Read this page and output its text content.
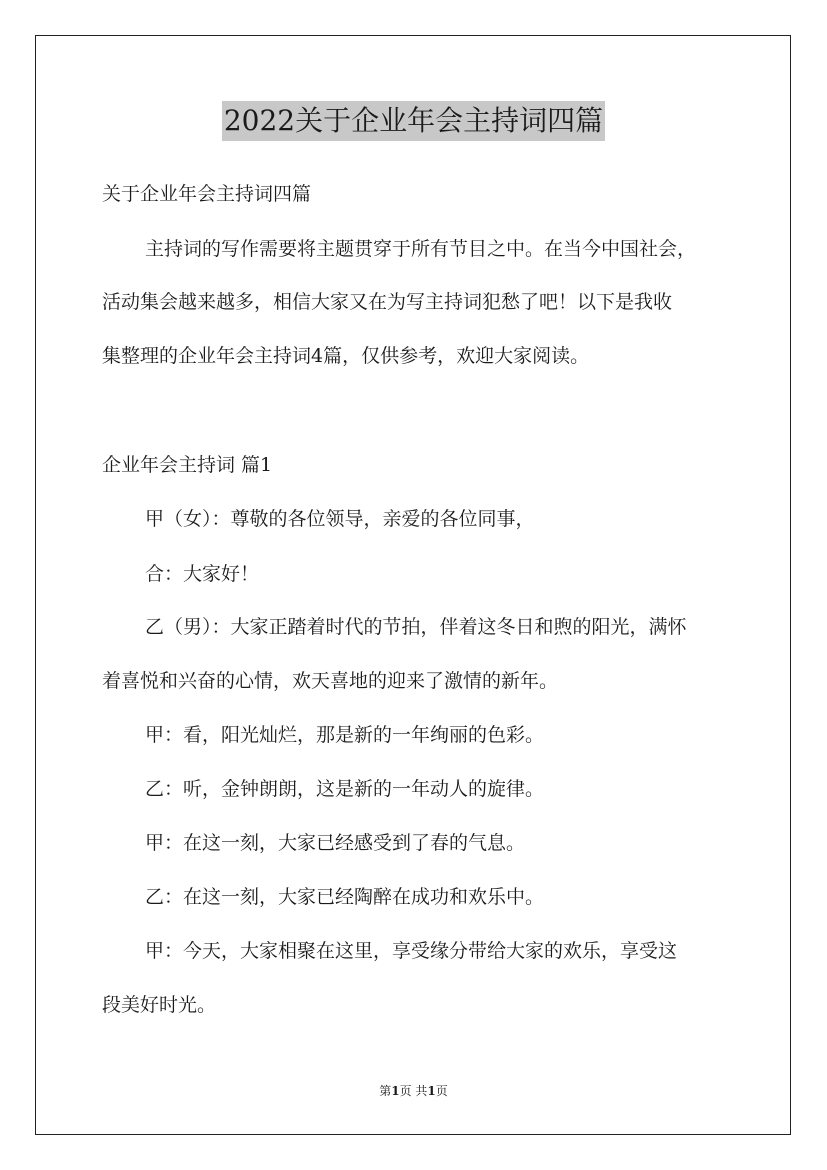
2022关于企业年会主持词四篇
关于企业年会主持词四篇
主持词的写作需要将主题贯穿于所有节目之中。在当今中国社会，
活动集会越来越多，相信大家又在为写主持词犯愁了吧！以下是我收
集整理的企业年会主持词4篇，仅供参考，欢迎大家阅读。
企业年会主持词 篇1
甲（女）：尊敬的各位领导，亲爱的各位同事，
合：大家好！
乙（男）：大家正踏着时代的节拍，伴着这冬日和煦的阳光，满怀
着喜悦和兴奋的心情，欢天喜地的迎来了激情的新年。
甲：看，阳光灿烂，那是新的一年绚丽的色彩。
乙：听，金钟朗朗，这是新的一年动人的旋律。
甲：在这一刻，大家已经感受到了春的气息。
乙：在这一刻，大家已经陶醉在成功和欢乐中。
甲：今天，大家相聚在这里，享受缘分带给大家的欢乐，享受这
段美好时光。
第1页 共1页
